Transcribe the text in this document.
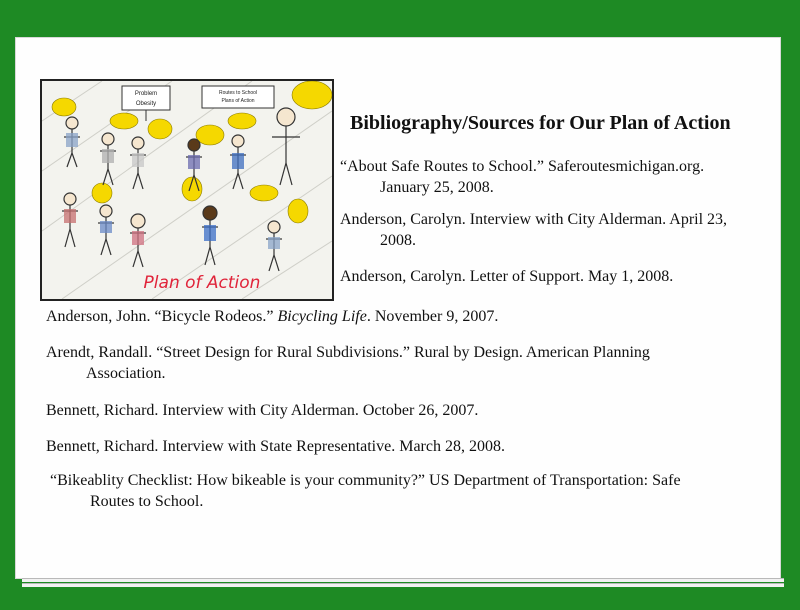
Problem
Obesity
Routes to School
Plans of Action
Plan of Action
Bibliography/Sources for Our Plan of Action
“About Safe Routes to School.” Saferoutesmichigan.org.
January 25, 2008.
Anderson, Carolyn. Interview with City Alderman. April 23,
2008.
Anderson, Carolyn. Letter of Support. May 1, 2008.
Anderson, John. “Bicycle Rodeos.” Bicycling Life. November 9, 2007.
Arendt, Randall. “Street Design for Rural Subdivisions.” Rural by Design. American Planning
Association.
Bennett, Richard. Interview with City Alderman. October 26, 2007.
Bennett, Richard. Interview with State Representative. March 28, 2008.
“Bikeablity Checklist: How bikeable is your community?” US Department of Transportation: Safe
Routes to School.
